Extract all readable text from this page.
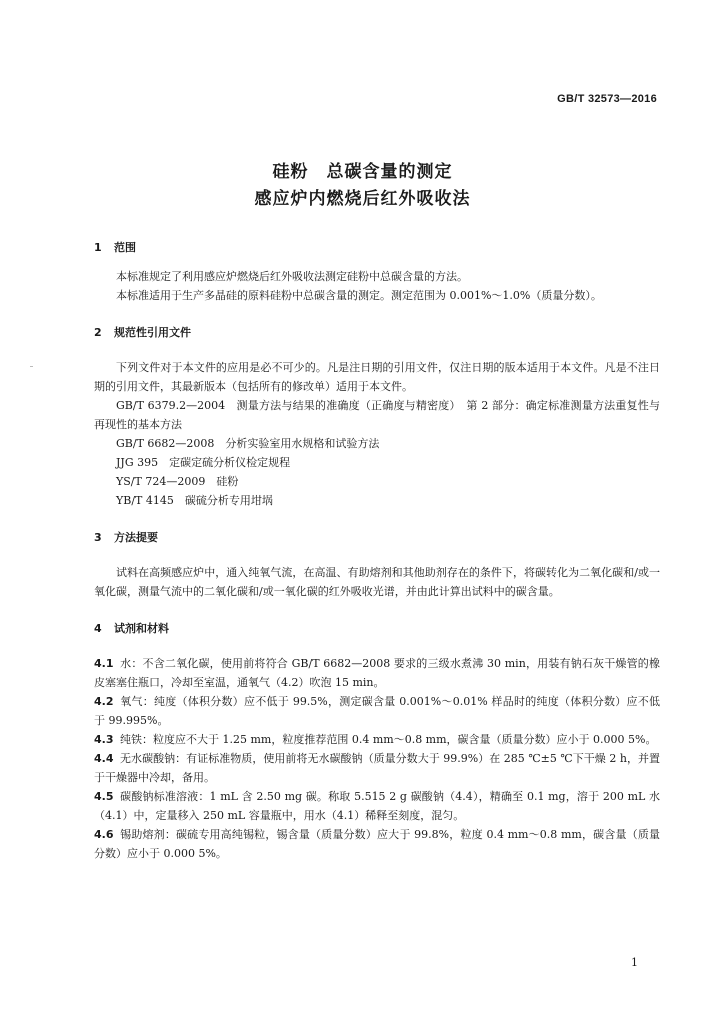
GB/T 32573—2016
硅粉　总碳含量的测定
感应炉内燃烧后红外吸收法
1 范围

本标准规定了利用感应炉燃烧后红外吸收法测定硅粉中总碳含量的方法。

本标准适用于生产多晶硅的原料硅粉中总碳含量的测定。测定范围为 0.001%～1.0%（质量分数）。

2 规范性引用文件

下列文件对于本文件的应用是必不可少的。凡是注日期的引用文件，仅注日期的版本适用于本文件。凡是不注日期的引用文件，其最新版本（包括所有的修改单）适用于本文件。

GB/T 6379.2—2004　测量方法与结果的准确度（正确度与精密度）　第 2 部分：确定标准测量方法重复性与再现性的基本方法

GB/T 6682—2008　分析实验室用水规格和试验方法

JJG 395　定碳定硫分析仪检定规程

YS/T 724—2009　硅粉

YB/T 4145　碳硫分析专用坩埚

3 方法提要

试料在高频感应炉中，通入纯氧气流，在高温、有助熔剂和其他助剂存在的条件下，将碳转化为二氧化碳和/或一氧化碳，测量气流中的二氧化碳和/或一氧化碳的红外吸收光谱，并由此计算出试料中的碳含量。

4 试剂和材料

4.1 水：不含二氧化碳，使用前将符合 GB/T 6682—2008 要求的三级水煮沸 30 min，用装有钠石灰干燥管的橡皮塞塞住瓶口，冷却至室温，通氧气（4.2）吹泡 15 min。

4.2 氧气：纯度（体积分数）应不低于 99.5%，测定碳含量 0.001%～0.01% 样品时的纯度（体积分数）应不低于 99.995%。

4.3 纯铁：粒度应不大于 1.25 mm，粒度推荐范围 0.4 mm～0.8 mm，碳含量（质量分数）应小于 0.000 5%。

4.4 无水碳酸钠：有证标准物质，使用前将无水碳酸钠（质量分数大于 99.9%）在 285 ℃±5 ℃下干燥 2 h，并置于干燥器中冷却，备用。

4.5 碳酸钠标准溶液：1 mL 含 2.50 mg 碳。称取 5.515 2 g 碳酸钠（4.4），精确至 0.1 mg，溶于 200 mL 水（4.1）中，定量移入 250 mL 容量瓶中，用水（4.1）稀释至刻度，混匀。

4.6 锡助熔剂：碳硫专用高纯锡粒，锡含量（质量分数）应大于 99.8%，粒度 0.4 mm～0.8 mm，碳含量（质量分数）应小于 0.000 5%。

1
